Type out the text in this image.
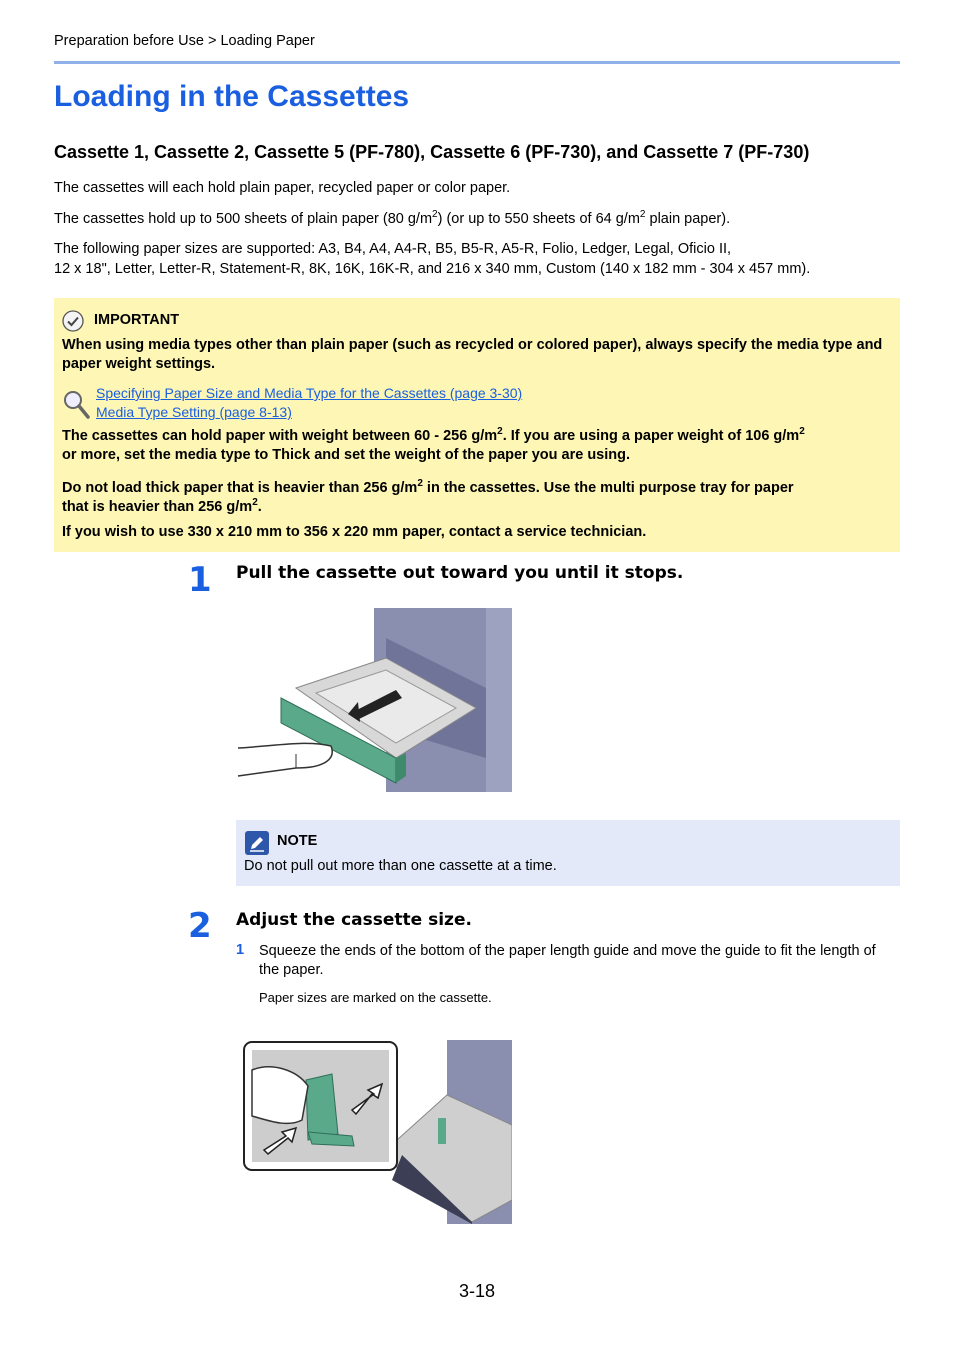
Preparation before Use > Loading Paper
Loading in the Cassettes
Cassette 1, Cassette 2, Cassette 5 (PF-780), Cassette 6 (PF-730), and Cassette 7 (PF-730)

The cassettes will each hold plain paper, recycled paper or color paper.

The cassettes hold up to 500 sheets of plain paper (80 $g/m^2$) (or up to 550 sheets of 64 $g/m^2$ plain paper).

The following paper sizes are supported: A3, B4, A4, A4-R, B5, B5-R, A5-R, Folio, Ledger, Legal, Oficio II,
12 x 18", Letter, Letter-R, Statement-R, 8K, 16K, 16K-R, and 216 x 340 mm, Custom (140 x 182 mm - 304 x 457 mm).

IMPORTANT

When using media types other than plain paper (such as recycled or colored paper), always specify the media type and paper weight settings.

Specifying Paper Size and Media Type for the Cassettes (page 3-30)
Media Type Setting (page 8-13)

The cassettes can hold paper with weight between 60 - 256 $g/m^2$. If you are using a paper weight of 106 $g/m^2$
or more, set the media type to Thick and set the weight of the paper you are using.

Do not load thick paper that is heavier than 256 $g/m^2$ in the cassettes. Use the multi purpose tray for paper
that is heavier than 256 $g/m^2$.

If you wish to use 330 x 210 mm to 356 x 220 mm paper, contact a service technician.

1 Pull the cassette out toward you until it stops.
NOTE
Do not pull out more than one cassette at a time.
2 Adjust the cassette size.
1 Squeeze the ends of the bottom of the paper length guide and move the guide to fit the length of the paper.

Paper sizes are marked on the cassette.
3-18
